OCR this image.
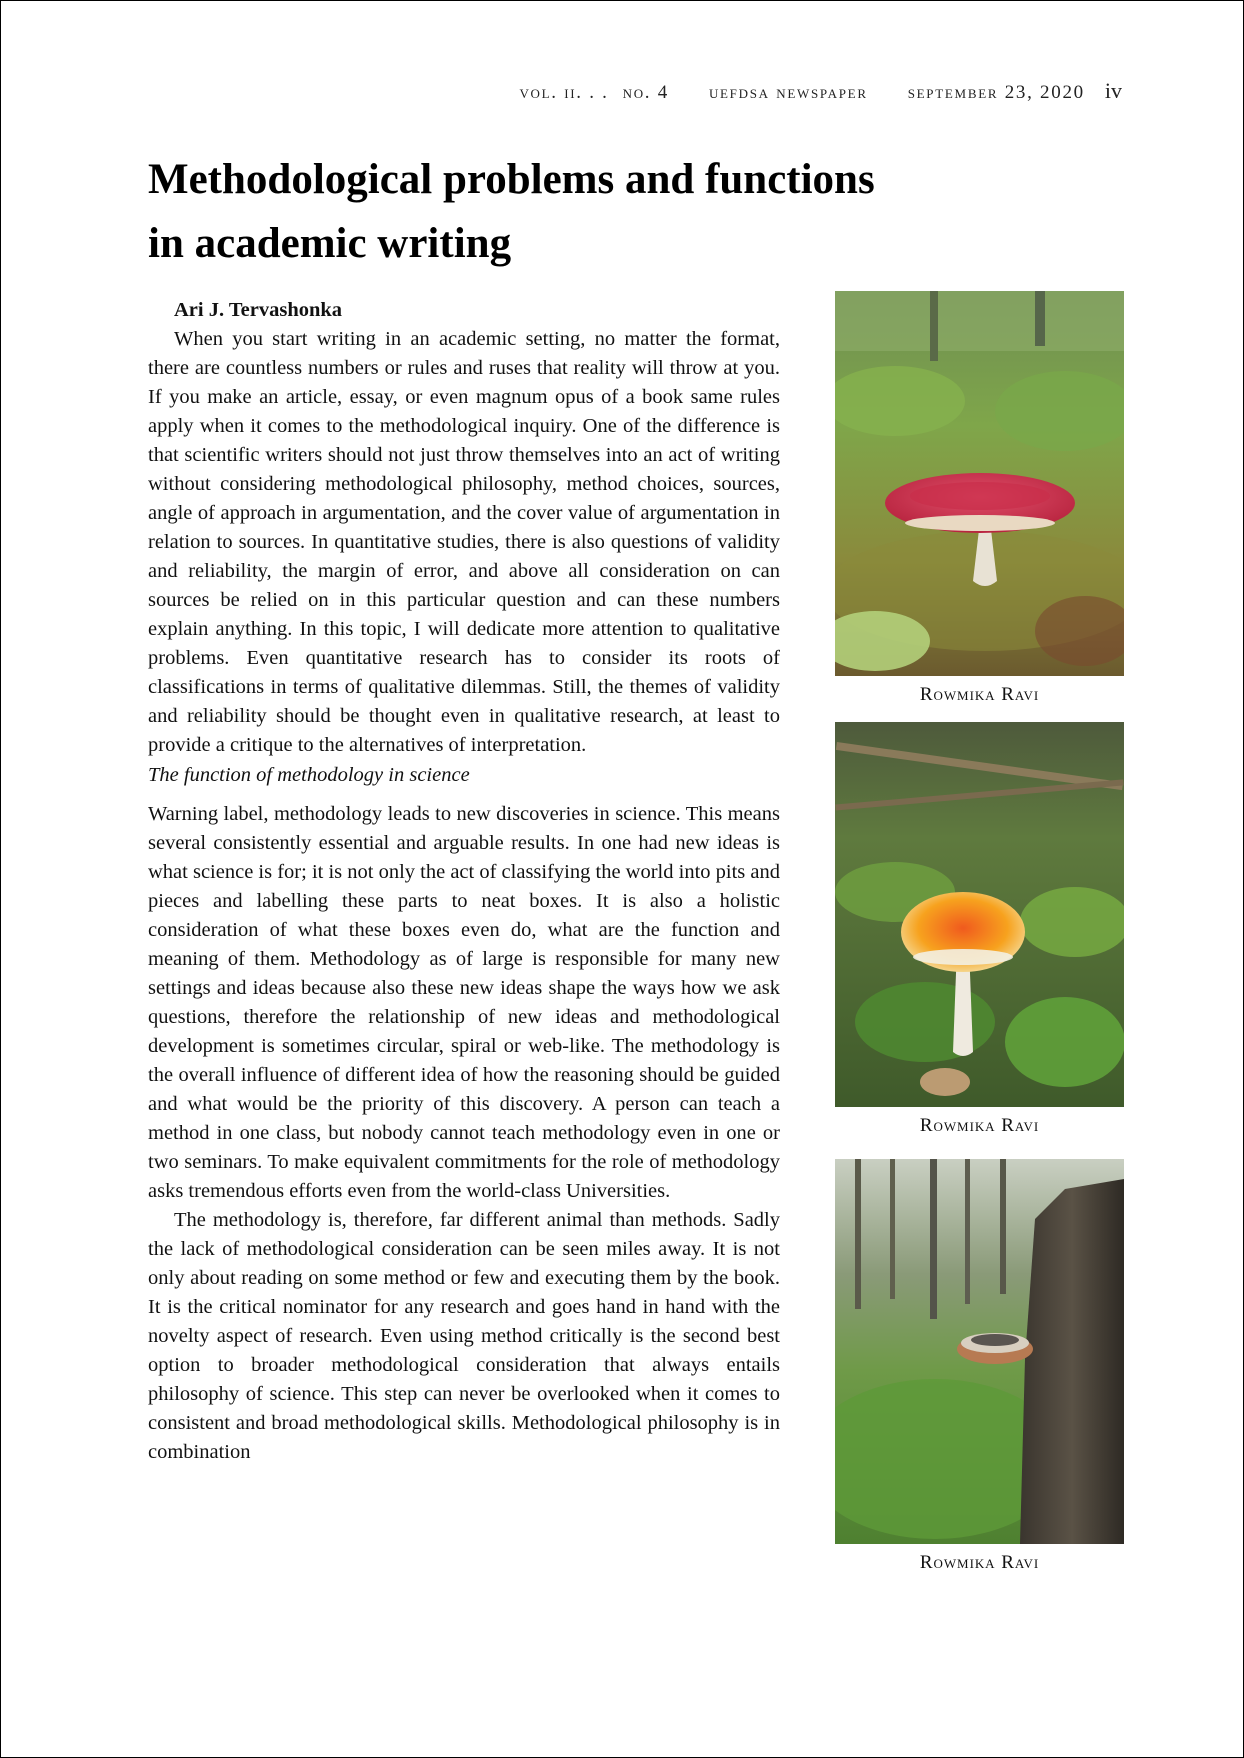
vol. ii. . . no. 4 uefdsa newspaper september 23, 2020 iv
Methodological problems and functions
in academic writing

Ari J. Tervashonka

When you start writing in an academic setting, no matter the format, there are countless numbers or rules and ruses that reality will throw at you. If you make an article, essay, or even magnum opus of a book same rules apply when it comes to the methodological inquiry. One of the difference is that scientific writers should not just throw themselves into an act of writing without considering methodological philosophy, method choices, sources, angle of approach in argumentation, and the cover value of argumentation in relation to sources. In quantitative studies, there is also questions of validity and reliability, the margin of error, and above all consideration on can sources be relied on in this particular question and can these numbers explain anything. In this topic, I will dedicate more attention to qualitative problems. Even quantitative research has to consider its roots of classifications in terms of qualitative dilemmas. Still, the themes of validity and reliability should be thought even in qualitative research, at least to provide a critique to the alternatives of interpretation.

The function of methodology in science

Warning label, methodology leads to new discoveries in science. This means several consistently essential and arguable results. In one had new ideas is what science is for; it is not only the act of classifying the world into pits and pieces and labelling these parts to neat boxes. It is also a holistic consideration of what these boxes even do, what are the function and meaning of them. Methodology as of large is responsible for many new settings and ideas because also these new ideas shape the ways how we ask questions, therefore the relationship of new ideas and methodological development is sometimes circular, spiral or web-like. The methodology is the overall influence of different idea of how the reasoning should be guided and what would be the priority of this discovery. A person can teach a method in one class, but nobody cannot teach methodology even in one or two seminars. To make equivalent commitments for the role of methodology asks tremendous efforts even from the world-class Universities.

The methodology is, therefore, far different animal than methods. Sadly the lack of methodological consideration can be seen miles away. It is not only about reading on some method or few and executing them by the book. It is the critical nominator for any research and goes hand in hand with the novelty aspect of research. Even using method critically is the second best option to broader methodological consideration that always entails philosophy of science. This step can never be overlooked when it comes to consistent and broad methodological skills. Methodological philosophy is in combination

Rowmika Ravi
Rowmika Ravi
Rowmika Ravi
